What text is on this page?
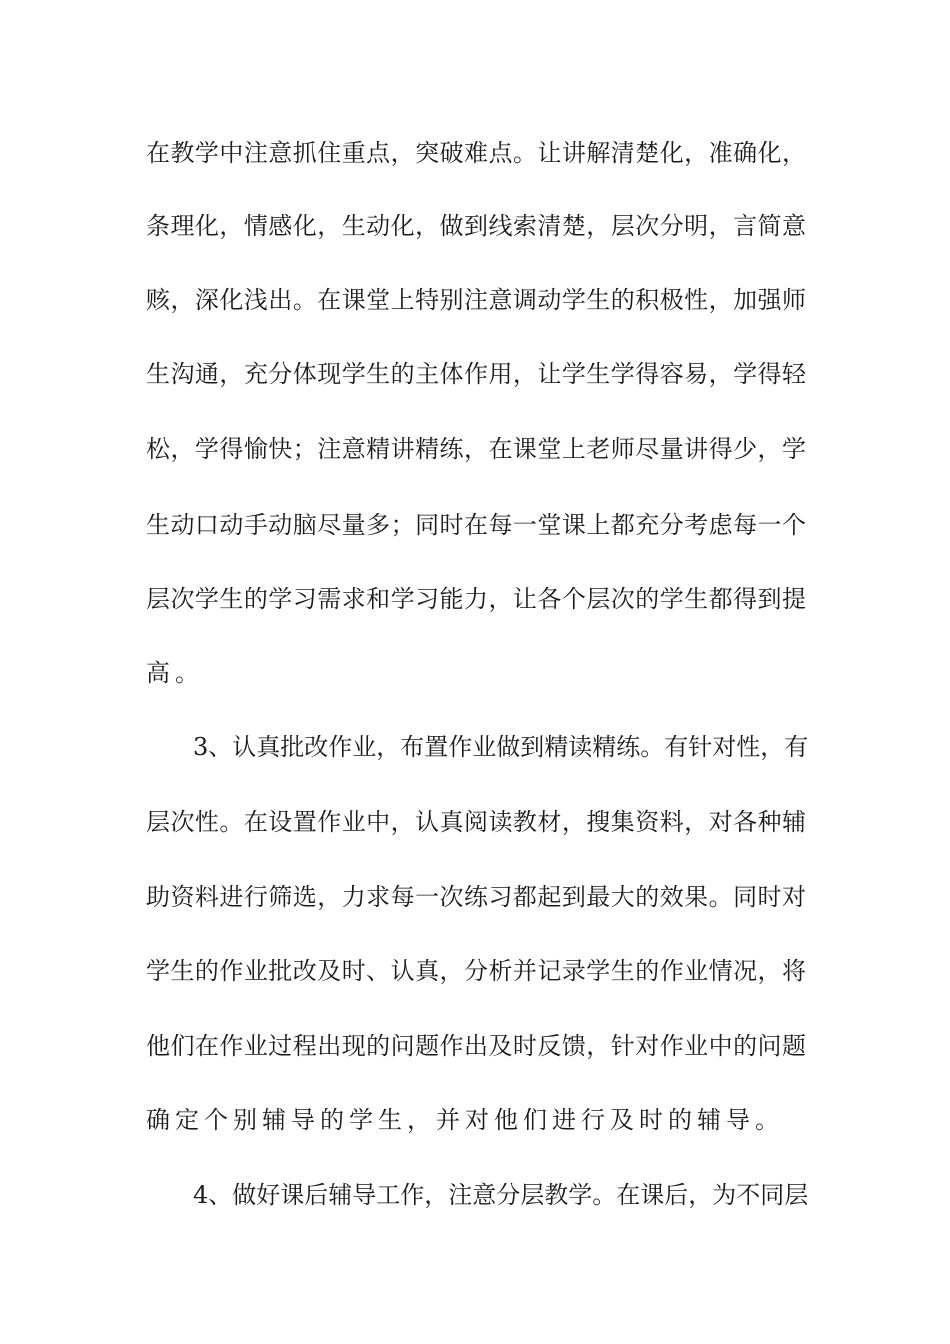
在教学中注意抓住重点，突破难点。让讲解清楚化，准确化，
条理化，情感化，生动化，做到线索清楚，层次分明，言简意
赅，深化浅出。在课堂上特别注意调动学生的积极性，加强师
生沟通，充分体现学生的主体作用，让学生学得容易，学得轻
松，学得愉快；注意精讲精练，在课堂上老师尽量讲得少，学
生动口动手动脑尽量多；同时在每一堂课上都充分考虑每一个
层次学生的学习需求和学习能力，让各个层次的学生都得到提
高。
3、认真批改作业，布置作业做到精读精练。有针对性，有
层次性。在设置作业中，认真阅读教材，搜集资料，对各种辅
助资料进行筛选，力求每一次练习都起到最大的效果。同时对
学生的作业批改及时、认真，分析并记录学生的作业情况，将
他们在作业过程出现的问题作出及时反馈，针对作业中的问题
确定个别辅导的学生，并对他们进行及时的辅导。
4、做好课后辅导工作，注意分层教学。在课后，为不同层
